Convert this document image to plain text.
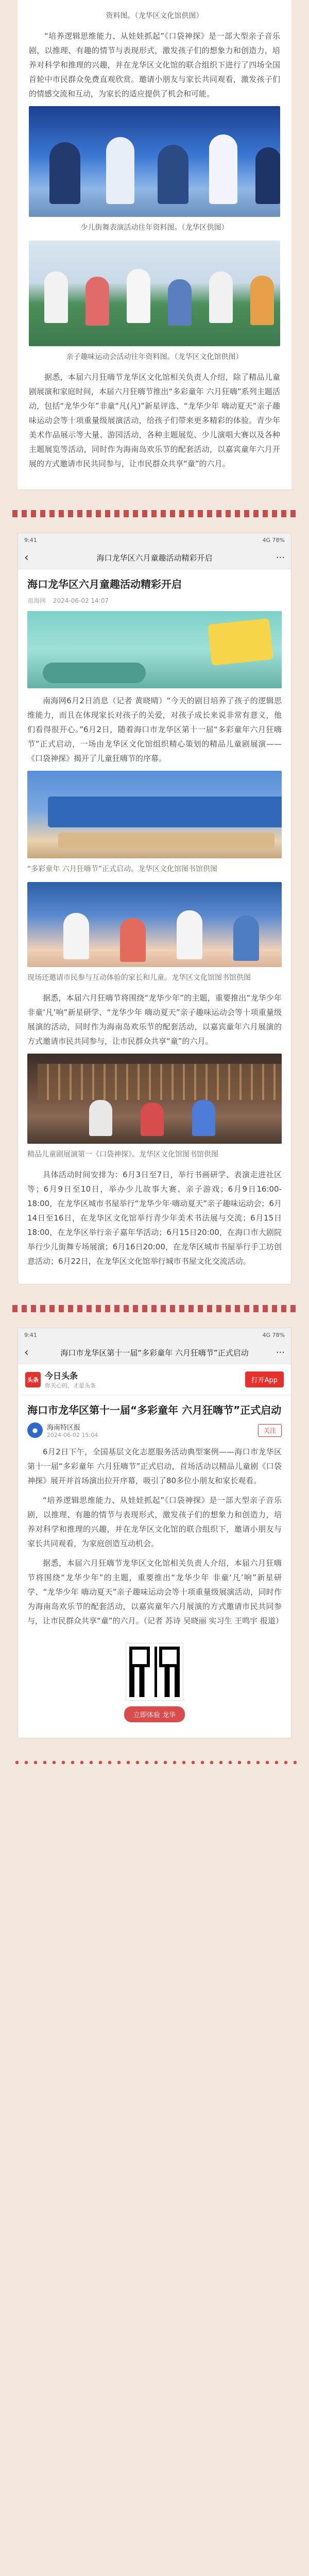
资料图。（龙华区文化馆供图）

“培养逻辑思维能力、从娃娃抓起”《口袋神探》是一部大型亲子音乐剧，以推理、有趣的情节与表现形式，激发孩子们的想象力和创造力，培养对科学和推理的兴趣，并在龙华区文化馆的联合组织下进行了四场全国首轮中市民群众免费直观欣赏。邀请小朋友与家长共同观看，激发孩子们的情感交流和互动，为家长的适应提供了机会和可能。

少儿街舞表演活动往年资料图。（龙华区供图）

亲子趣味运动会活动往年资料图。（龙华区文化馆供图）

据悉，本届六月狂嗨节龙华区文化馆相关负责人介绍，除了精品儿童剧展演和家庭时间，本届六月狂嗨节推出“多彩童年 六月狂嗨”系列主题活动，包括“龙华少年”非童“凡(凡)”新星评选、“龙华少年 嗨动夏天”亲子趣味运动会等十项重量级展演活动，给孩子们带来更多精彩的体验。青少年美术作品展示等大量、游园活动，各种主题展览、少儿演唱大赛以及各种主题展览等活动，同时作为海南岛欢乐节的配套活动，以嘉宾童年六月开展的方式邀请市民共同参与，让市民群众共享“童”的六月。

9:41	4G 78%
‹	海口龙华区六月童趣活动精彩开启	···
海口龙华区六月童趣活动精彩开启
南海网 2024-06-02 14:07

南海网6月2日消息（记者 黄晓晴）“今天的剧目培养了孩子的逻辑思维能力，而且在体现家长对孩子的关爱，对孩子成长来说非常有意义，他们看得很开心。”6月2日，随着海口市龙华区第十一届“多彩童年六月狂嗨节”正式启动，一场由龙华区文化馆组织精心策划的精品儿童剧展演——《口袋神探》揭开了儿童狂嗨节的序幕。

“多彩童年 六月狂嗨节”正式启动。龙华区文化馆图书馆供图

现场还邀请市民参与互动体验的家长和儿童。龙华区文化馆图书馆供图

据悉，本届六月狂嗨节将围绕“龙华少年”的主题，重要推出“龙华少年 非童‘凡’响”新星研学、“龙华少年 嗨动夏天”亲子趣味运动会等十项重量级展演的活动，同时作为海南岛欢乐节的配套活动，以嘉宾童年六月展演的方式邀请市民共同参与，让市民群众共享“童”的六月。

精品儿童剧展演第一《口袋神探》。龙华区文化馆图书馆供图

具体活动时间安排为：6月3日至7日，举行书画研学、表演走进社区等；6月9日至10日，举办少儿故事大赛、亲子游戏；6月9日16:00-18:00，在龙华区城市书屋举行“龙华少年·嗨动夏天”亲子趣味运动会；6月14日至16日，在龙华区文化馆举行青少年美术书法展与交流；6月15日18:00，在龙华区举行亲子嘉年华活动；6月15日20:00，在海口市大剧院举行少儿街舞专场展演；6月16日20:00，在龙华区城市书屋举行手工坊创意活动；6月22日，在龙华区文化馆举行城市书屋文化交流活动。

9:41	4G 78%
‹	海口市龙华区第十一届“多彩童年 六月狂嗨节”正式启动	···
头条 今日头条
你关心的，才是头条
打开App
海口市龙华区第十一届“多彩童年 六月狂嗨节”正式启动
●	海南特区报
2024-06-02 15:04
关注

6月2日下午，全国基层文化志愿服务活动典型案例——海口市龙华区第十一届“多彩童年 六月狂嗨节”正式启动，首场活动以精品儿童剧《口袋神探》展开并首场演出拉开序幕，吸引了80多位小朋友和家长观看。

“培养逻辑思维能力、从娃娃抓起”《口袋神探》是一部大型亲子音乐剧，以推理、有趣的情节与表现形式，激发孩子们的想象力和创造力，培养对科学和推理的兴趣，并在龙华区文化馆的联合组织下，邀请小朋友与家长共同观看，为家庭创造互动机会。

据悉，本届六月狂嗨节龙华区文化馆相关负责人介绍，本届六月狂嗨节将围绕“龙华少年”的主题，重要推出“龙华少年 非童‘凡’响”新星研学、“龙华少年 嗨动夏天”亲子趣味运动会等十项重量级展演活动，同时作为海南岛欢乐节的配套活动，以嘉宾童年六月展演的方式邀请市民共同参与，让市民群众共享“童”的六月。（记者 苏诗 吴晓丽 实习生 王鸣宇 报道）

立即体验 龙华
